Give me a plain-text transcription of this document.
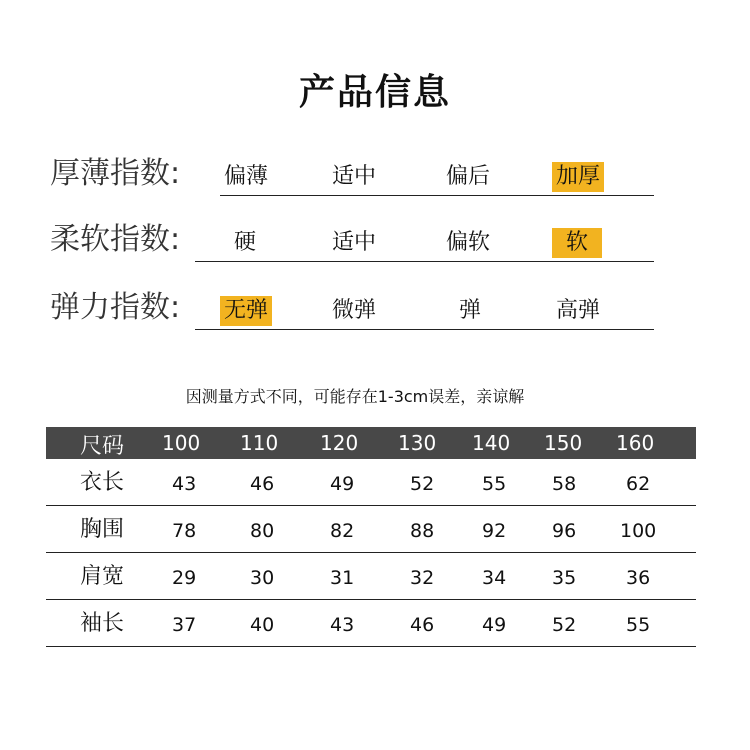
产品信息
厚薄指数: 偏薄	适中	偏后	加厚
柔软指数: 硬	适中	偏软	软
弹力指数: 无弹	微弹	弹	高弹
因测量方式不同，可能存在1-3cm误差，亲谅解
尺码 100 110 120 130 140 150 160
衣长	43	46	49	52	55 58	62
胸围	78	80	82	88	92 96 100
肩宽	29	30	31	32	34 35	36
袖长	37	40	43	46	49 52	55
